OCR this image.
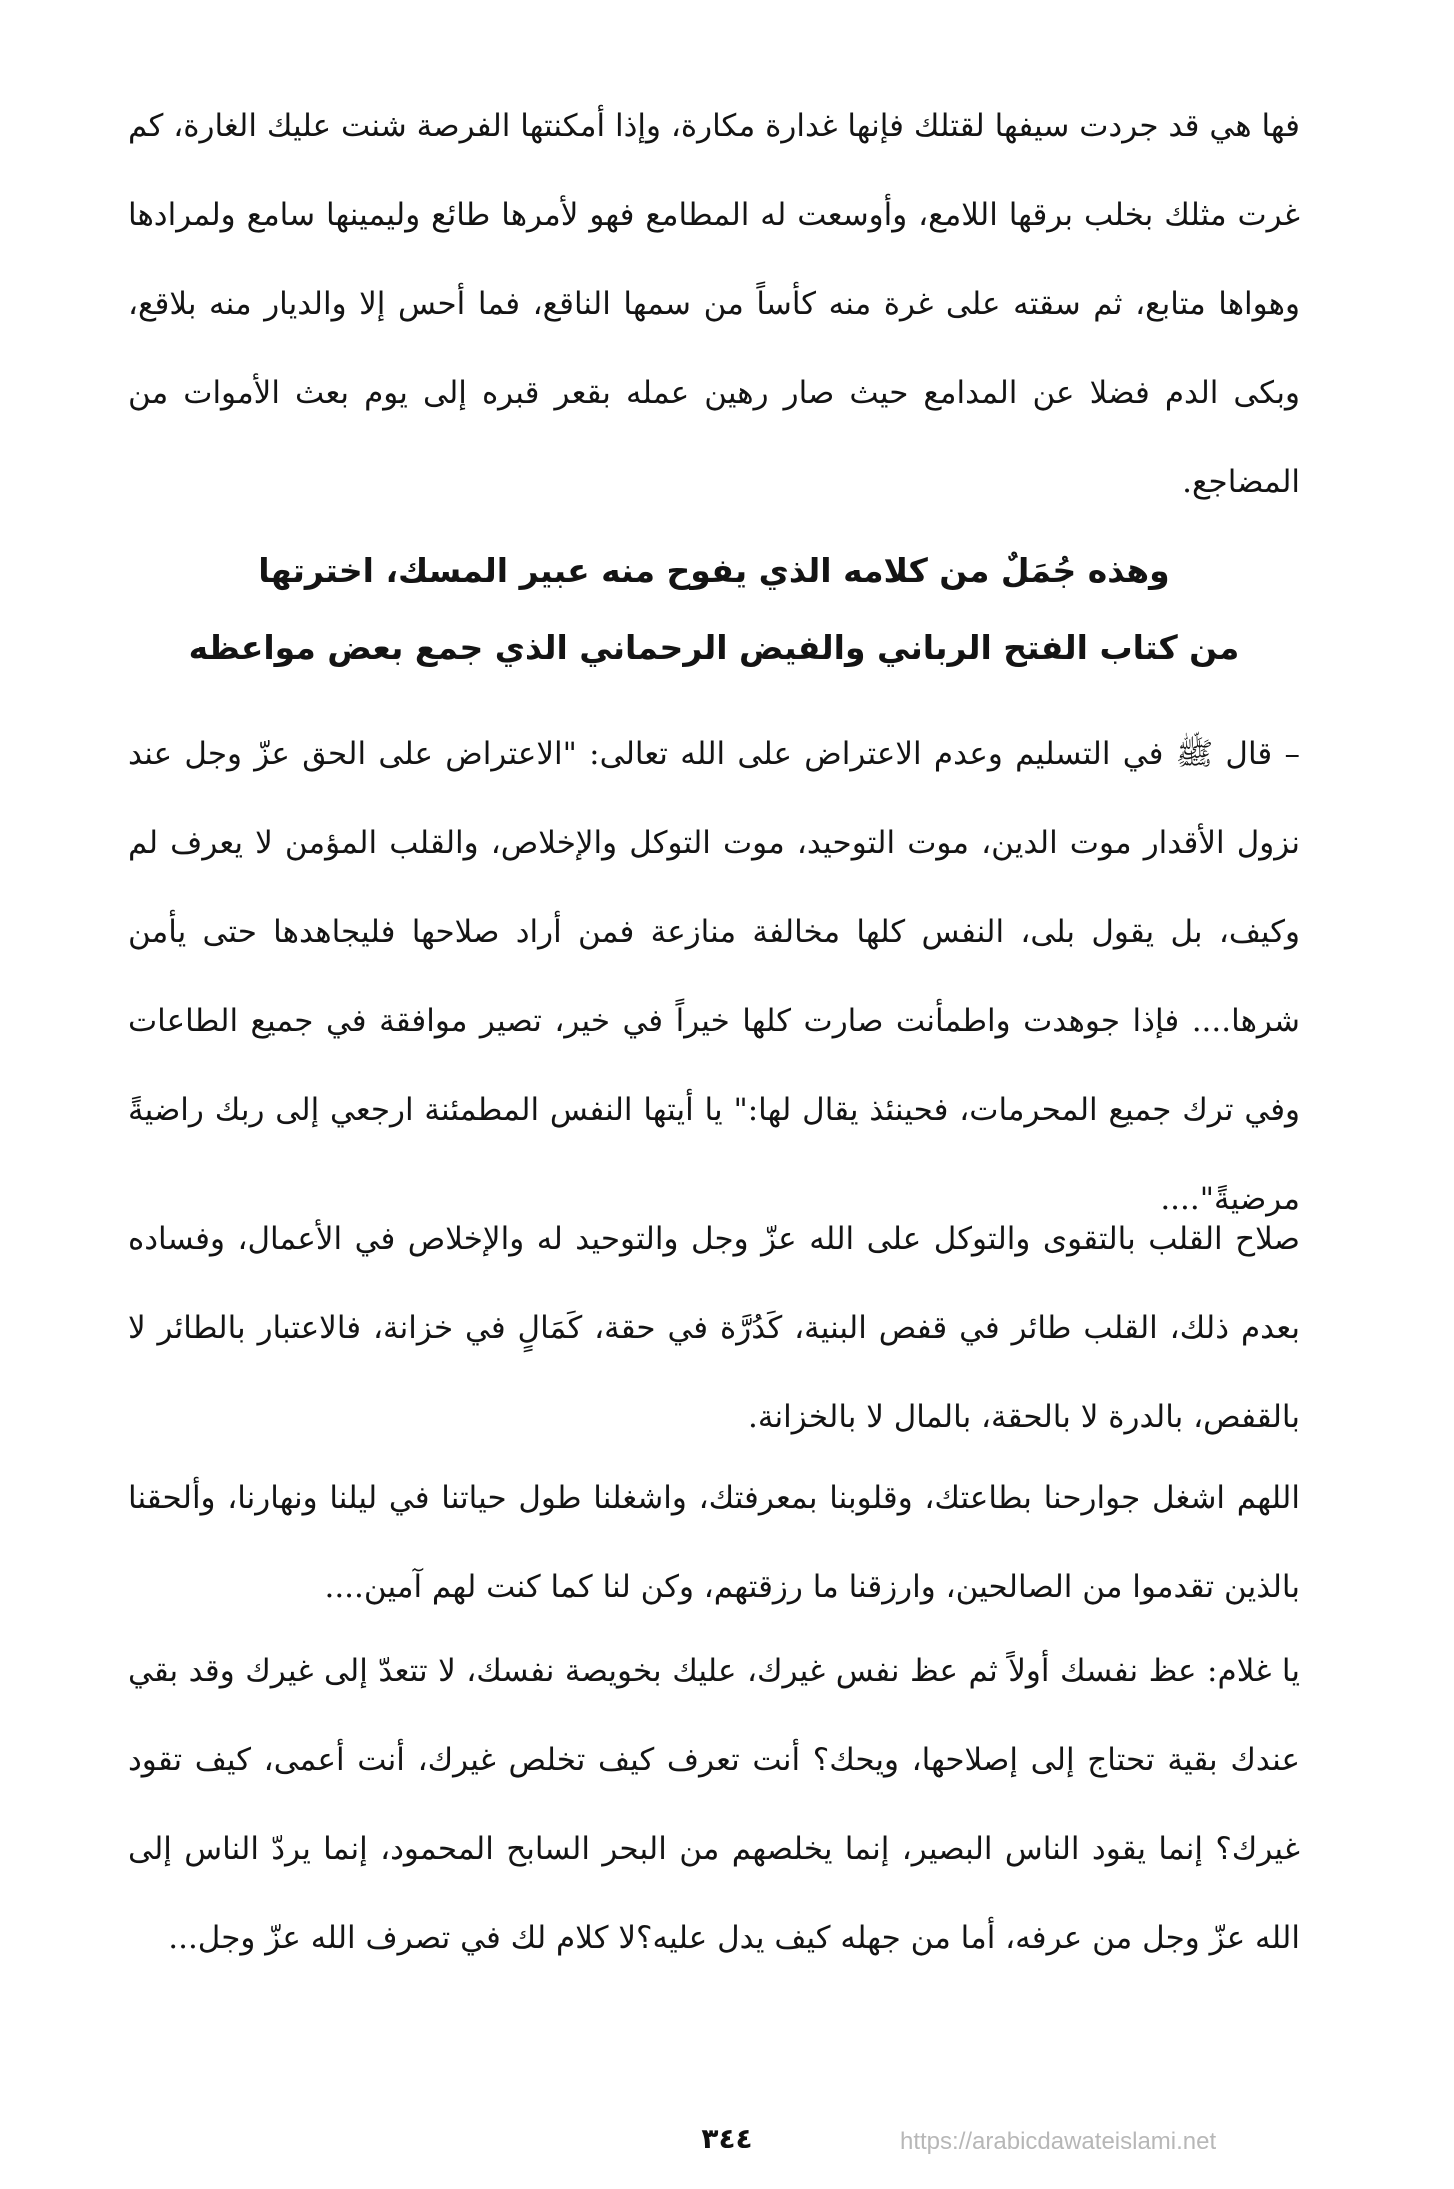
فها هي قد جردت سيفها لقتلك فإنها غدارة مكارة، وإذا أمكنتها الفرصة شنت عليك الغارة، كم غرت مثلك بخلب برقها اللامع، وأوسعت له المطامع فهو لأمرها طائع وليمينها سامع ولمرادها وهواها متابع، ثم سقته على غرة منه كأساً من سمها الناقع، فما أحس إلا والديار منه بلاقع، وبكى الدم فضلا عن المدامع حيث صار رهين عمله بقعر قبره إلى يوم بعث الأموات من المضاجع.

وهذه جُمَلٌ من كلامه الذي يفوح منه عبير المسك، اخترتها
من كتاب الفتح الرباني والفيض الرحماني الذي جمع بعض مواعظه

– قال ﷺ في التسليم وعدم الاعتراض على الله تعالى: "الاعتراض على الحق عزّ وجل عند نزول الأقدار موت الدين، موت التوحيد، موت التوكل والإخلاص، والقلب المؤمن لا يعرف لم وكيف، بل يقول بلى، النفس كلها مخالفة منازعة فمن أراد صلاحها فليجاهدها حتى يأمن شرها.... فإذا جوهدت واطمأنت صارت كلها خيراً في خير، تصير موافقة في جميع الطاعات وفي ترك جميع المحرمات، فحينئذ يقال لها:" يا أيتها النفس المطمئنة ارجعي إلى ربك راضيةً مرضيةً"....

صلاح القلب بالتقوى والتوكل على الله عزّ وجل والتوحيد له والإخلاص في الأعمال، وفساده بعدم ذلك، القلب طائر في قفص البنية، كَدُرَّة في حقة، كَمَالٍ في خزانة، فالاعتبار بالطائر لا بالقفص، بالدرة لا بالحقة، بالمال لا بالخزانة.

اللهم اشغل جوارحنا بطاعتك، وقلوبنا بمعرفتك، واشغلنا طول حياتنا في ليلنا ونهارنا، وألحقنا بالذين تقدموا من الصالحين، وارزقنا ما رزقتهم، وكن لنا كما كنت لهم آمين....

يا غلام: عظ نفسك أولاً ثم عظ نفس غيرك، عليك بخويصة نفسك، لا تتعدّ إلى غيرك وقد بقي عندك بقية تحتاج إلى إصلاحها، ويحك؟ أنت تعرف كيف تخلص غيرك، أنت أعمى، كيف تقود غيرك؟ إنما يقود الناس البصير، إنما يخلصهم من البحر السابح المحمود، إنما يردّ الناس إلى الله عزّ وجل من عرفه، أما من جهله كيف يدل عليه؟لا كلام لك في تصرف الله عزّ وجل...

٣٤٤	https://arabicdawateislami.net
